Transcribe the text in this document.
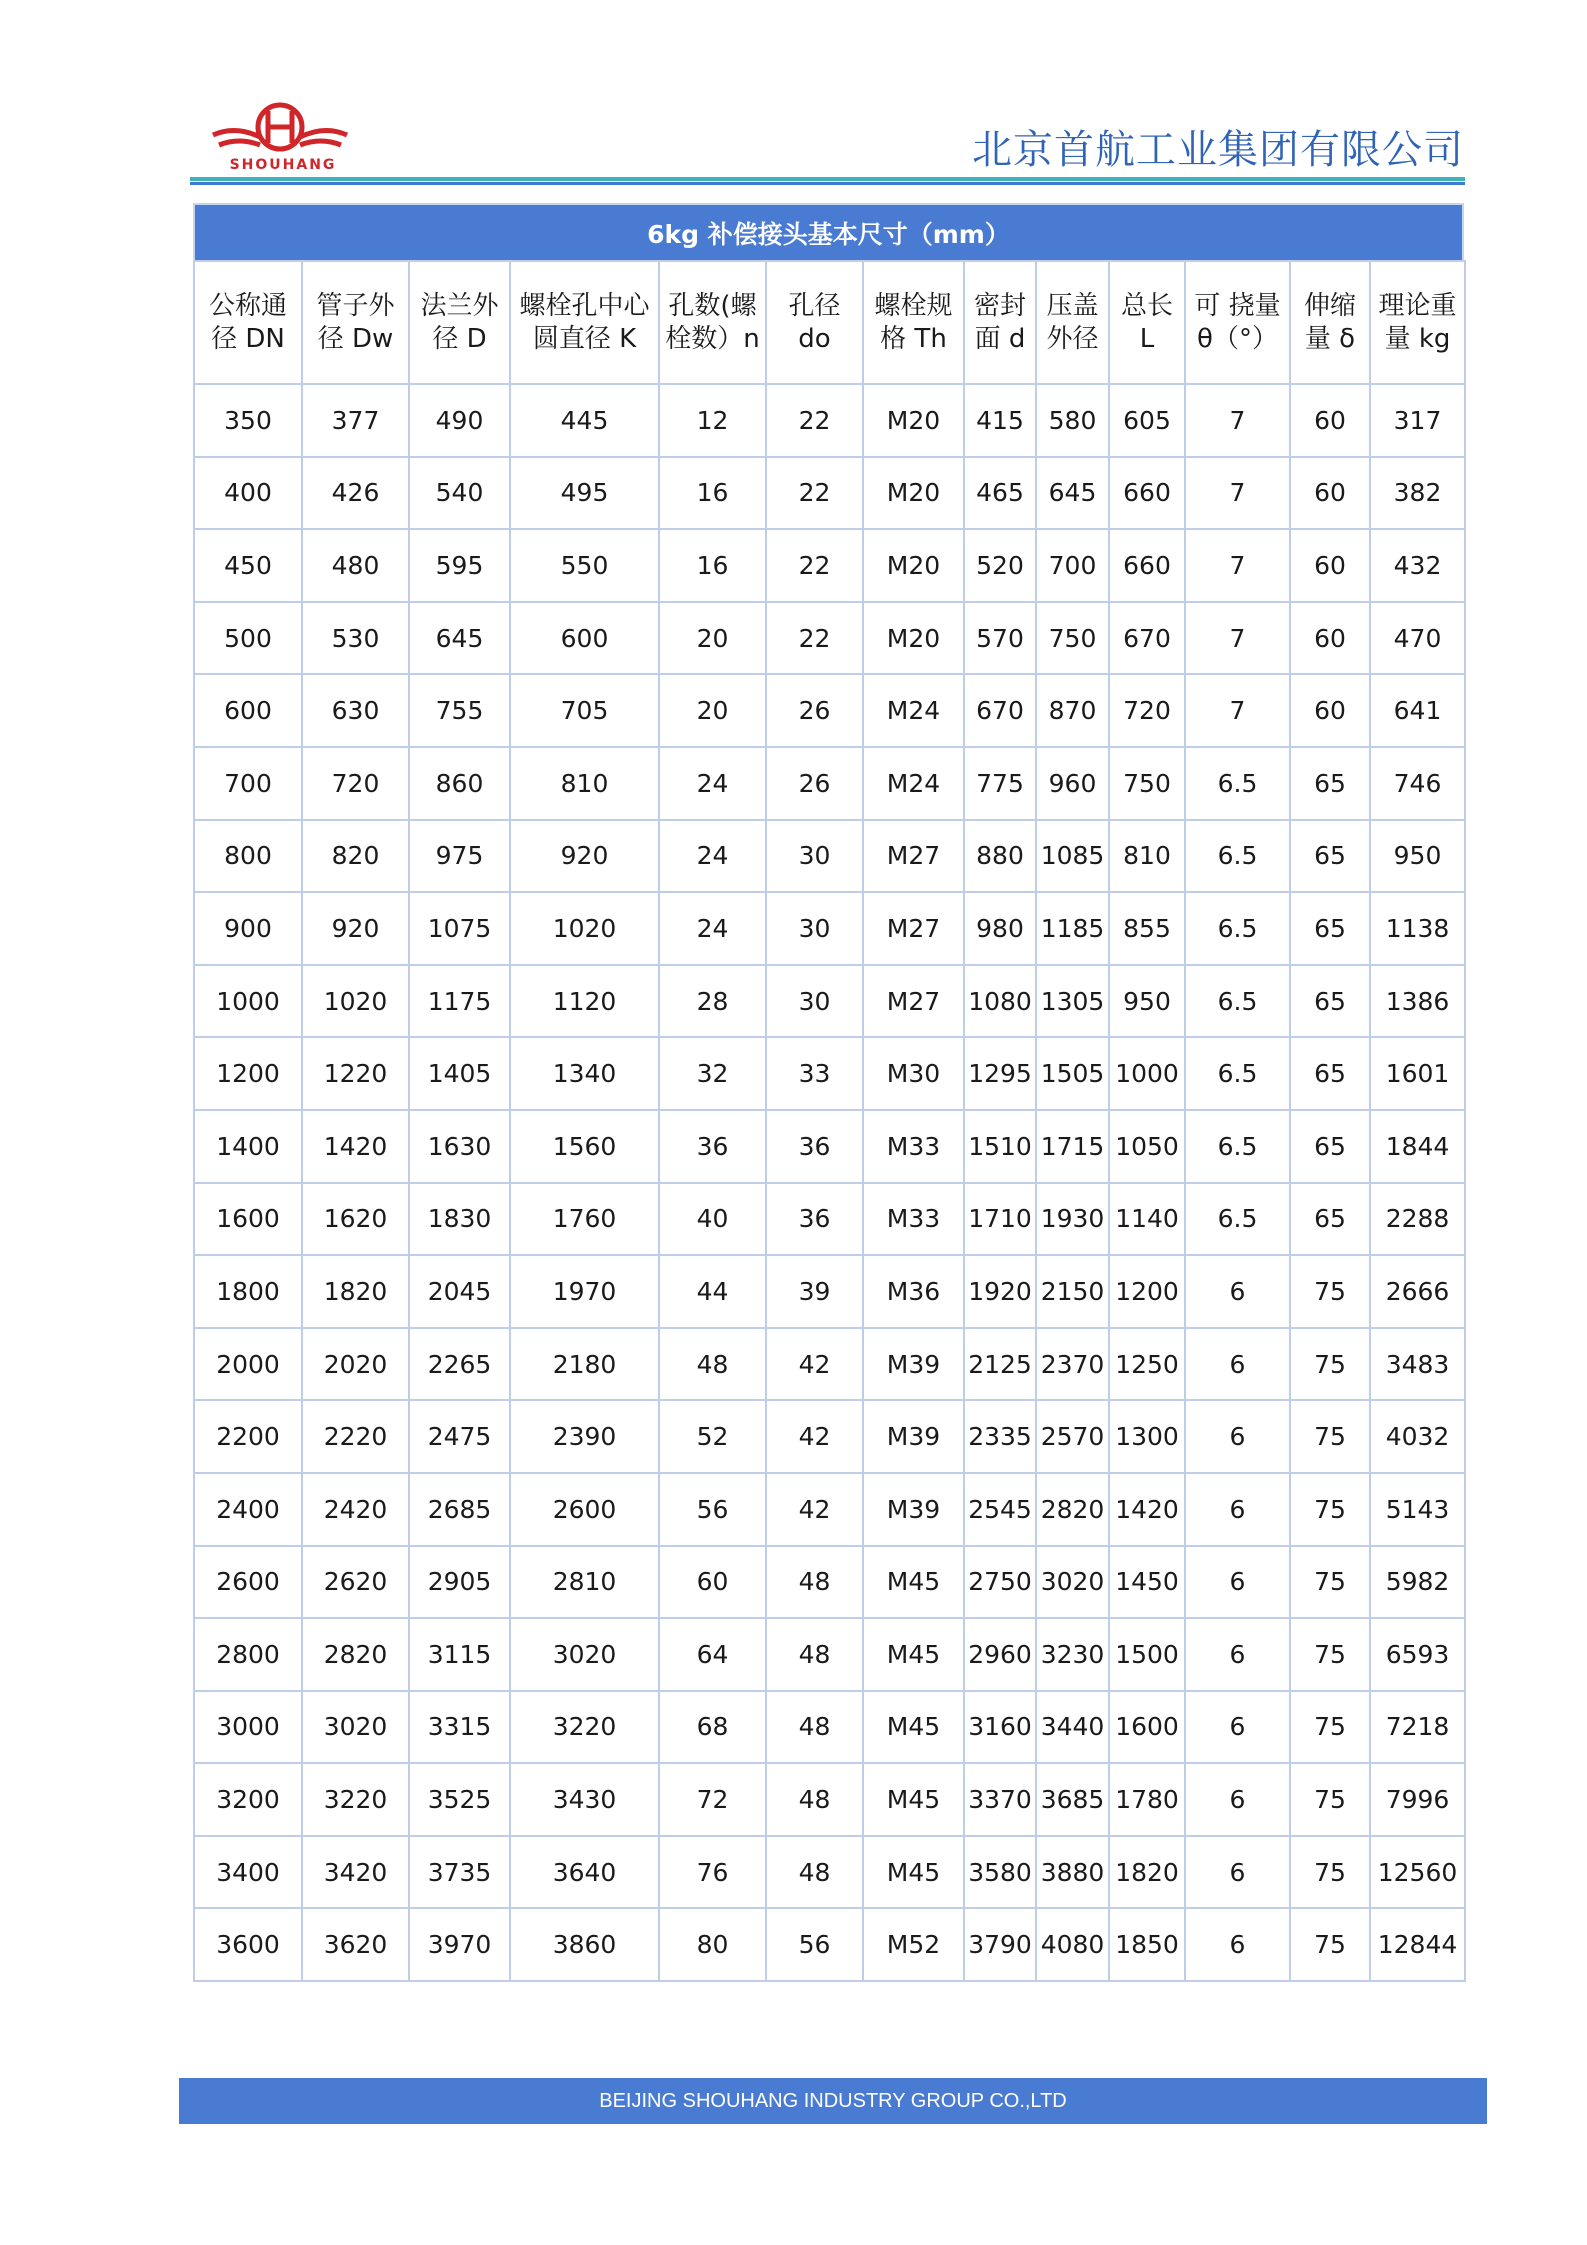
SHOUHANG	北京首航工业集团有限公司
6kg 补偿接头基本尺寸（mm）
公称通径 DN	管子外径 Dw	法兰外径 D	螺栓孔中心圆直径 K	孔数(螺栓数）n	孔径 do	螺栓规格 Th	密封面 d	压盖外径	总长 L	可 挠量 θ（°）	伸缩量 δ	理论重量 kg

350	377	490	445	12	22	M20	415	580	605	7	60	317
400	426	540	495	16	22	M20	465	645	660	7	60	382
450	480	595	550	16	22	M20	520	700	660	7	60	432
500	530	645	600	20	22	M20	570	750	670	7	60	470
600	630	755	705	20	26	M24	670	870	720	7	60	641
700	720	860	810	24	26	M24	775	960	750	6.5	65	746
800	820	975	920	24	30	M27	880	1085	810	6.5	65	950
900	920	1075	1020	24	30	M27	980	1185	855	6.5	65	1138
1000	1020	1175	1120	28	30	M27	1080	1305	950	6.5	65	1386
1200	1220	1405	1340	32	33	M30	1295	1505	1000	6.5	65	1601
1400	1420	1630	1560	36	36	M33	1510	1715	1050	6.5	65	1844
1600	1620	1830	1760	40	36	M33	1710	1930	1140	6.5	65	2288
1800	1820	2045	1970	44	39	M36	1920	2150	1200	6	75	2666
2000	2020	2265	2180	48	42	M39	2125	2370	1250	6	75	3483
2200	2220	2475	2390	52	42	M39	2335	2570	1300	6	75	4032
2400	2420	2685	2600	56	42	M39	2545	2820	1420	6	75	5143
2600	2620	2905	2810	60	48	M45	2750	3020	1450	6	75	5982
2800	2820	3115	3020	64	48	M45	2960	3230	1500	6	75	6593
3000	3020	3315	3220	68	48	M45	3160	3440	1600	6	75	7218
3200	3220	3525	3430	72	48	M45	3370	3685	1780	6	75	7996
3400	3420	3735	3640	76	48	M45	3580	3880	1820	6	75	12560
3600	3620	3970	3860	80	56	M52	3790	4080	1850	6	75	12844
BEIJING SHOUHANG INDUSTRY GROUP CO.,LTD
